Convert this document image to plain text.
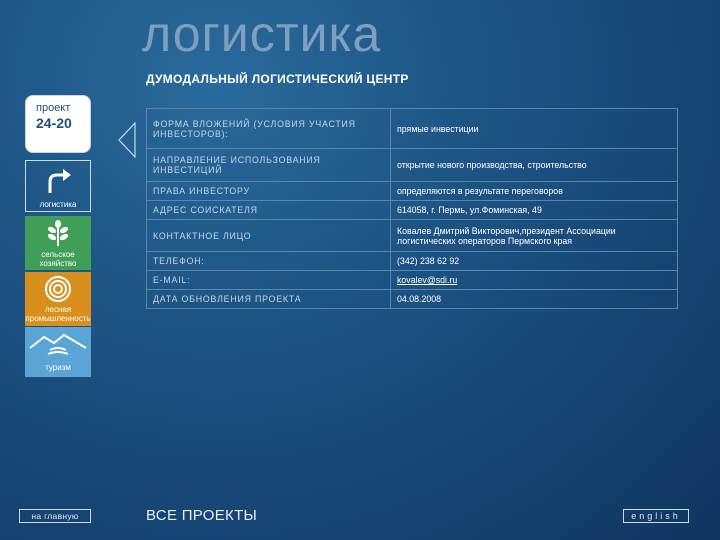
логистика
ДУМОДАЛЬНЫЙ ЛОГИСТИЧЕСКИЙ ЦЕНТР
проект
24-20
логистика
сельское хозяйство
лесная промышленность
туризм
ФОРМА ВЛОЖЕНИЙ (УСЛОВИЯ УЧАСТИЯ ИНВЕСТОРОВ):	прямые инвестиции
НАПРАВЛЕНИЕ ИСПОЛЬЗОВАНИЯ ИНВЕСТИЦИЙ	открытие нового производства, строительство
ПРАВА ИНВЕСТОРУ	определяются в результате переговоров
АДРЕС СОИСКАТЕЛЯ	614058, г. Пермь, ул.Фоминская, 49
КОНТАКТНОЕ ЛИЦО	Ковалев Дмитрий Викторович,президент Ассоциации логистических операторов Пермского края
ТЕЛЕФОН:	(342) 238 62 92
E-MAIL:	kovalev@sdi.ru
ДАТА ОБНОВЛЕНИЯ ПРОЕКТА	04.08.2008
на главную	ВСЕ ПРОЕКТЫ	english
